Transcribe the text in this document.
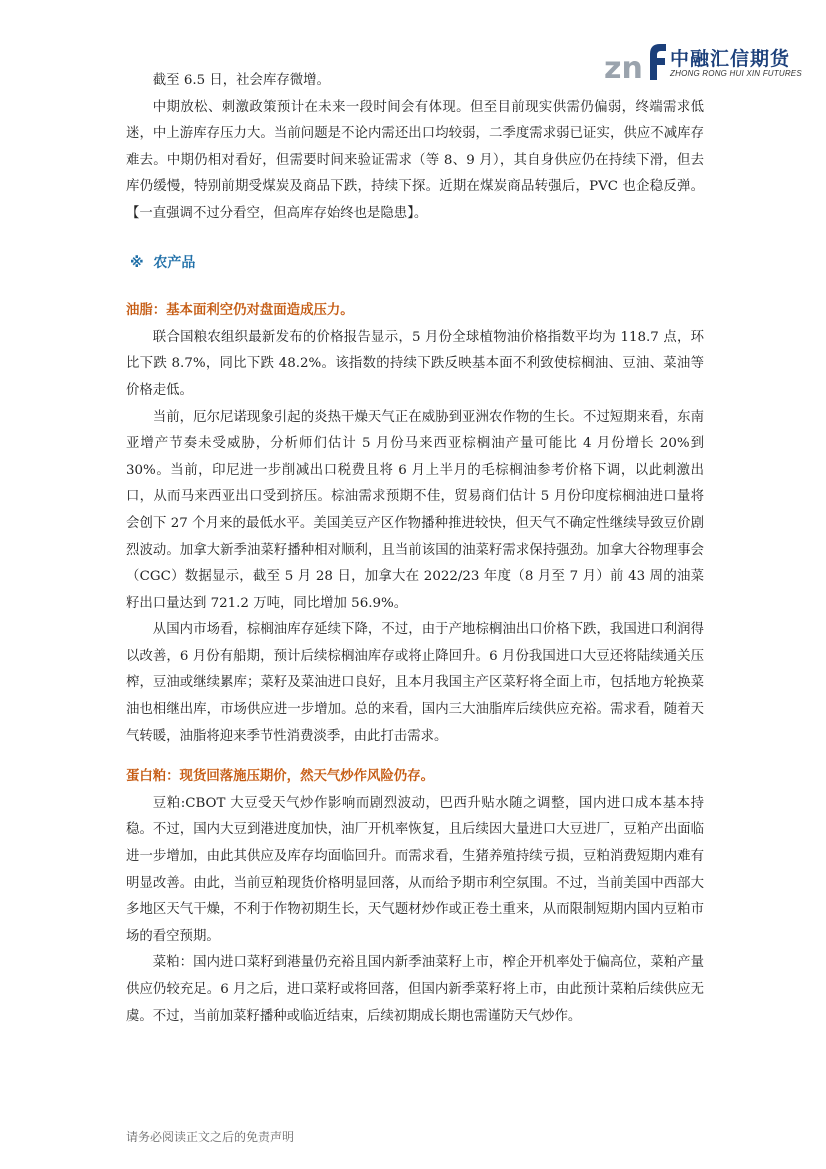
zn 中融汇信期货
ZHONG RONG HUI XIN FUTURES

截至 6.5 日，社会库存微增。

中期放松、刺激政策预计在未来一段时间会有体现。但至目前现实供需仍偏弱，终端需求低迷，中上游库存压力大。当前问题是不论内需还出口均较弱，二季度需求弱已证实，供应不减库存难去。中期仍相对看好，但需要时间来验证需求（等 8、9 月），其自身供应仍在持续下滑，但去库仍缓慢，特别前期受煤炭及商品下跌，持续下探。近期在煤炭商品转强后，PVC 也企稳反弹。【一直强调不过分看空，但高库存始终也是隐患】。

※ 农产品
油脂：基本面利空仍对盘面造成压力。

联合国粮农组织最新发布的价格报告显示，5 月份全球植物油价格指数平均为 118.7 点，环比下跌 8.7%，同比下跌 48.2%。该指数的持续下跌反映基本面不利致使棕榈油、豆油、菜油等价格走低。

当前，厄尔尼诺现象引起的炎热干燥天气正在威胁到亚洲农作物的生长。不过短期来看，东南亚增产节奏未受威胁，分析师们估计 5 月份马来西亚棕榈油产量可能比 4 月份增长 20%到 30%。当前，印尼进一步削减出口税费且将 6 月上半月的毛棕榈油参考价格下调，以此刺激出口，从而马来西亚出口受到挤压。棕油需求预期不佳，贸易商们估计 5 月份印度棕榈油进口量将会创下 27 个月来的最低水平。美国美豆产区作物播种推进较快，但天气不确定性继续导致豆价剧烈波动。加拿大新季油菜籽播种相对顺利，且当前该国的油菜籽需求保持强劲。加拿大谷物理事会（CGC）数据显示，截至 5 月 28 日，加拿大在 2022/23 年度（8 月至 7 月）前 43 周的油菜籽出口量达到 721.2 万吨，同比增加 56.9%。

从国内市场看，棕榈油库存延续下降，不过，由于产地棕榈油出口价格下跌，我国进口利润得以改善，6 月份有船期，预计后续棕榈油库存或将止降回升。6 月份我国进口大豆还将陆续通关压榨，豆油或继续累库；菜籽及菜油进口良好，且本月我国主产区菜籽将全面上市，包括地方轮换菜油也相继出库，市场供应进一步增加。总的来看，国内三大油脂库后续供应充裕。需求看，随着天气转暖，油脂将迎来季节性消费淡季，由此打击需求。

蛋白粕：现货回落施压期价，然天气炒作风险仍存。

豆粕:CBOT 大豆受天气炒作影响而剧烈波动，巴西升贴水随之调整，国内进口成本基本持稳。不过，国内大豆到港进度加快，油厂开机率恢复，且后续因大量进口大豆进厂，豆粕产出面临进一步增加，由此其供应及库存均面临回升。而需求看，生猪养殖持续亏损，豆粕消费短期内难有明显改善。由此，当前豆粕现货价格明显回落，从而给予期市利空氛围。不过，当前美国中西部大多地区天气干燥，不利于作物初期生长，天气题材炒作或正卷土重来，从而限制短期内国内豆粕市场的看空预期。

菜粕：国内进口菜籽到港量仍充裕且国内新季油菜籽上市，榨企开机率处于偏高位，菜粕产量供应仍较充足。6 月之后，进口菜籽或将回落，但国内新季菜籽将上市，由此预计菜粕后续供应无虞。不过，当前加菜籽播种或临近结束，后续初期成长期也需谨防天气炒作。

请务必阅读正文之后的免责声明
